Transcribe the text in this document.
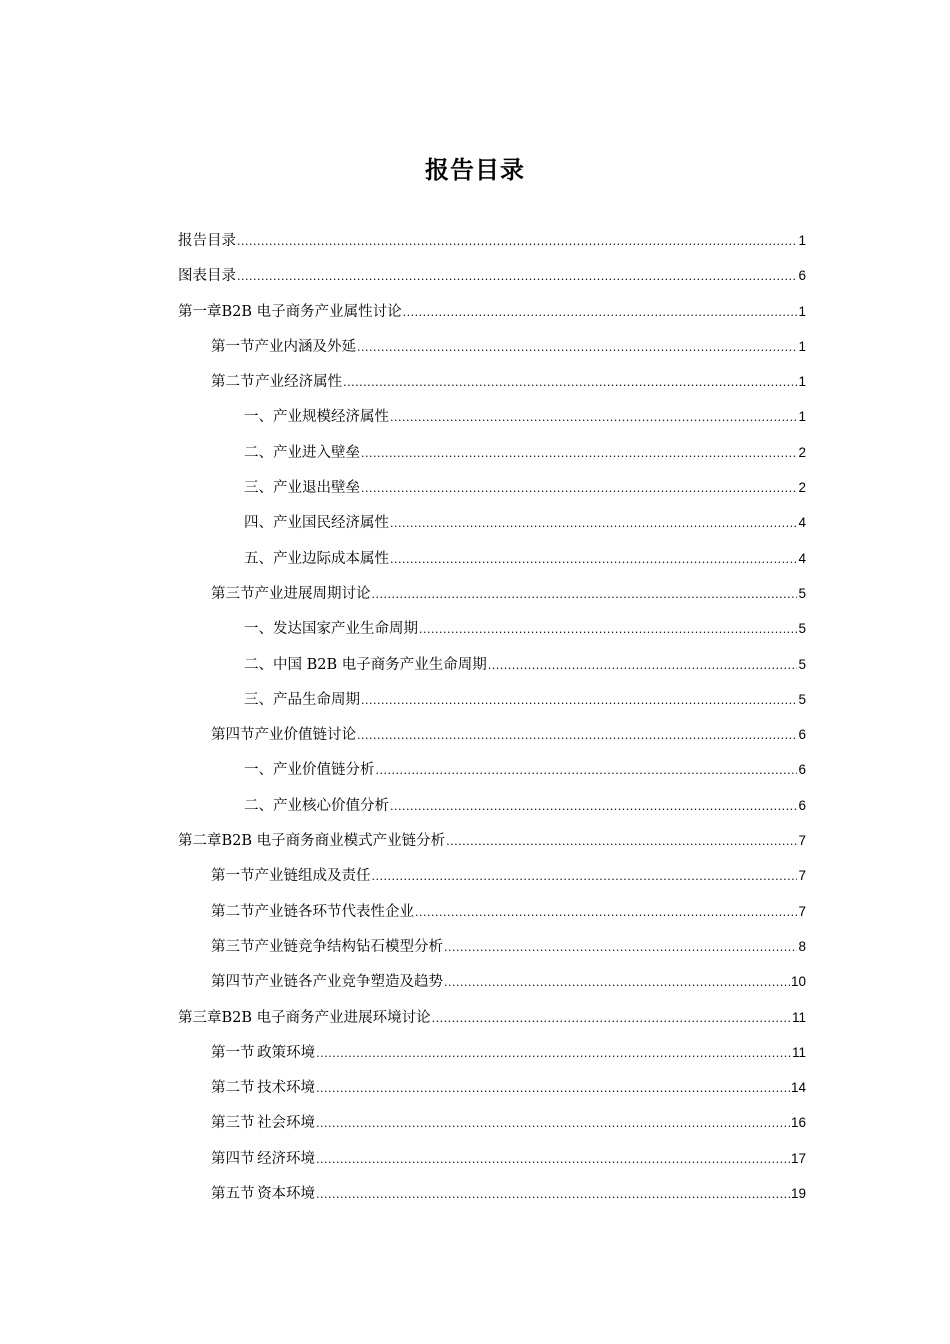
报告目录
报告目录 .....	1
图表目录 .....	6
第一章 B2B 电子商务产业属性讨论 .....	1
第一节 产业内涵及外延 .....	1
第二节 产业经济属性 .....	1
一、 产业规模经济属性 .....	1
二、 产业进入壁垒 .....	2
三、 产业退出壁垒 .....	2
四、 产业国民经济属性 .....	4
五、 产业边际成本属性 .....	4
第三节 产业进展周期讨论 .....	5
一、 发达国家产业生命周期 .....	5
二、 中国 B2B 电子商务产业生命周期 .....	5
三、 产品生命周期 .....	5
第四节 产业价值链讨论 .....	6
一、 产业价值链分析 .....	6
二、 产业核心价值分析 .....	6
第二章 B2B 电子商务商业模式产业链分析 .....	7
第一节 产业链组成及责任 .....	7
第二节 产业链各环节代表性企业 .....	7
第三节 产业链竞争结构钻石模型分析 .....	8
第四节 产业链各产业竞争塑造及趋势 .....	10
第三章 B2B 电子商务产业进展环境讨论 .....	11
第一节 政策环境 .....	11
第二节 技术环境 .....	14
第三节 社会环境 .....	16
第四节 经济环境 .....	17
第五节 资本环境 .....	19
